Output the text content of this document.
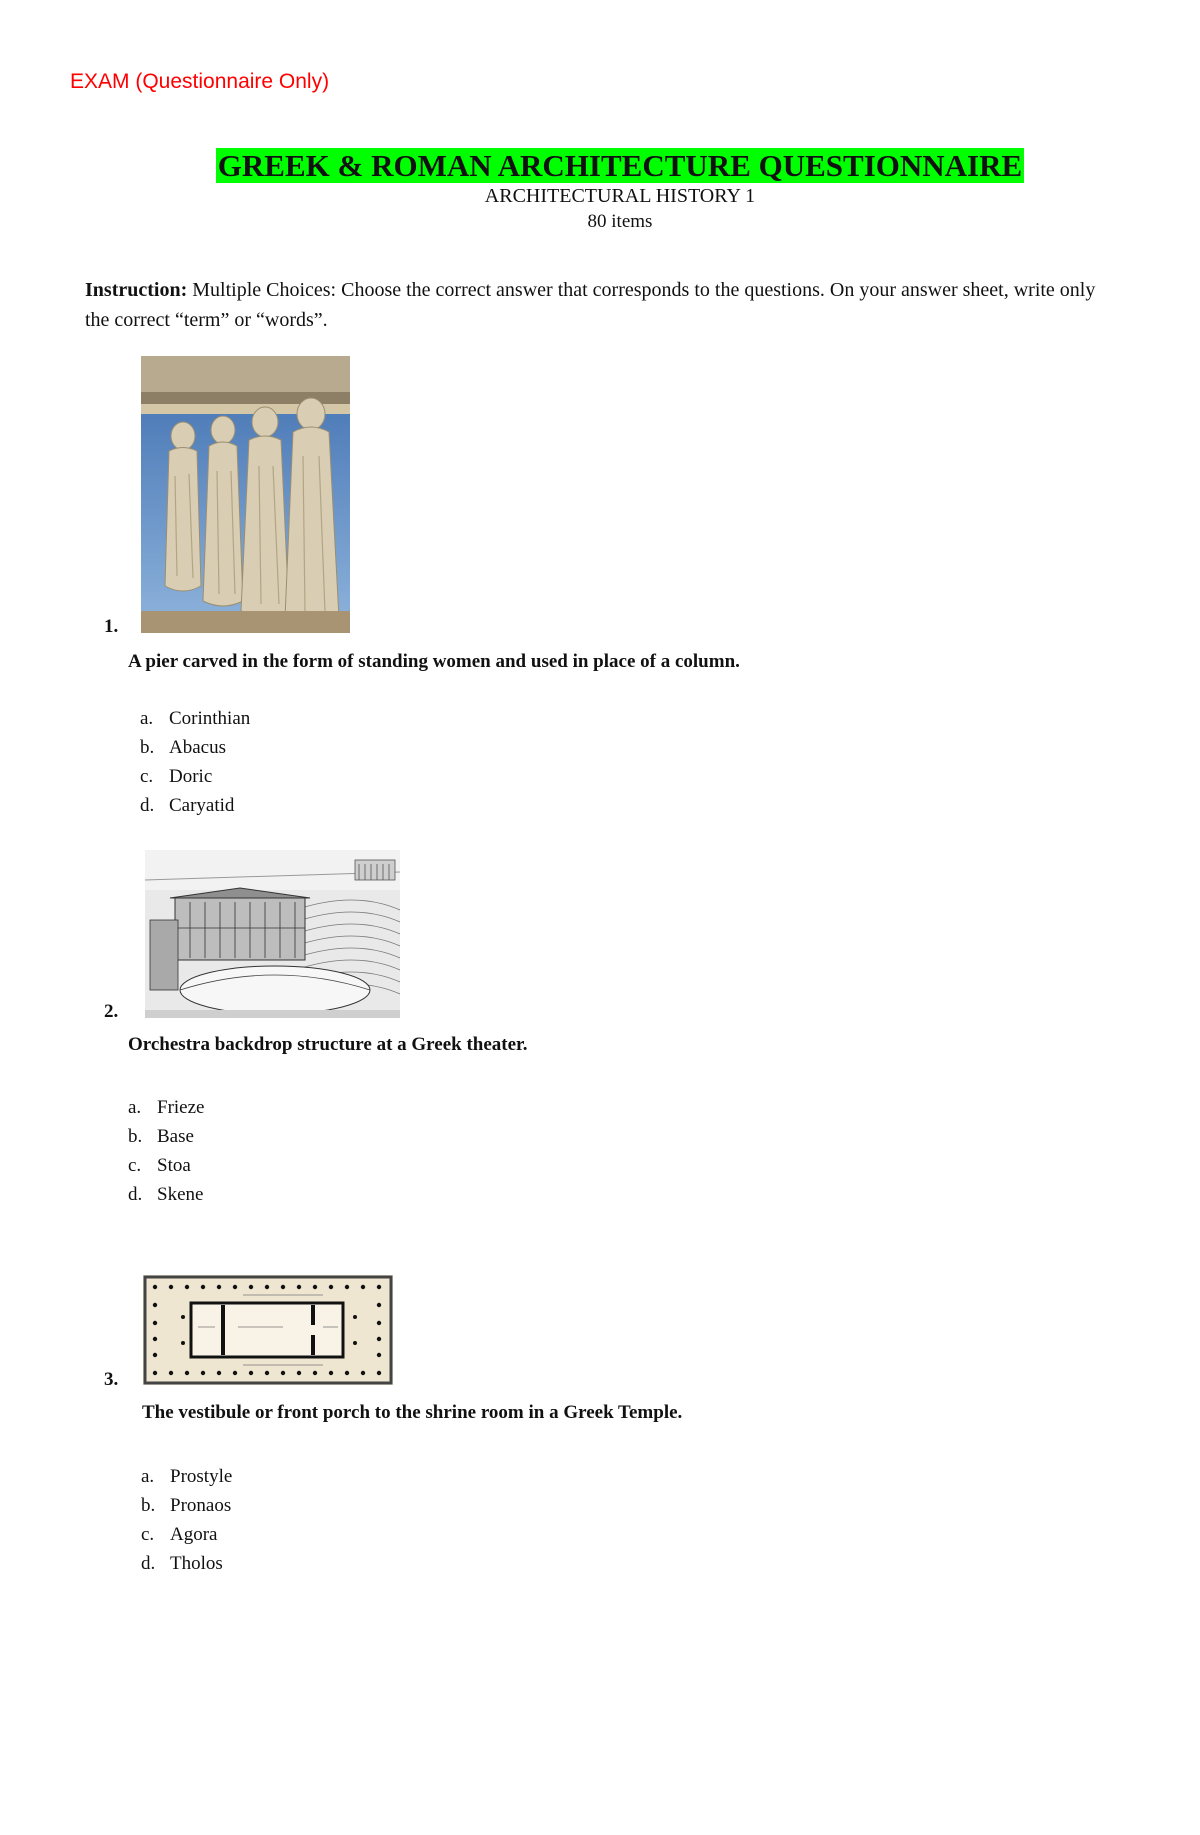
EXAM (Questionnaire Only)
GREEK & ROMAN ARCHITECTURE QUESTIONNAIRE
ARCHITECTURAL HISTORY 1
80 items
Instruction: Multiple Choices: Choose the correct answer that corresponds to the questions. On your answer sheet, write only the correct “term” or “words”.
1.
A pier carved in the form of standing women and used in place of a column.
a. Corinthian
b. Abacus
c. Doric
d. Caryatid
2.
Orchestra backdrop structure at a Greek theater.
a. Frieze
b. Base
c. Stoa
d. Skene
3.
The vestibule or front porch to the shrine room in a Greek Temple.
a. Prostyle
b. Pronaos
c. Agora
d. Tholos
